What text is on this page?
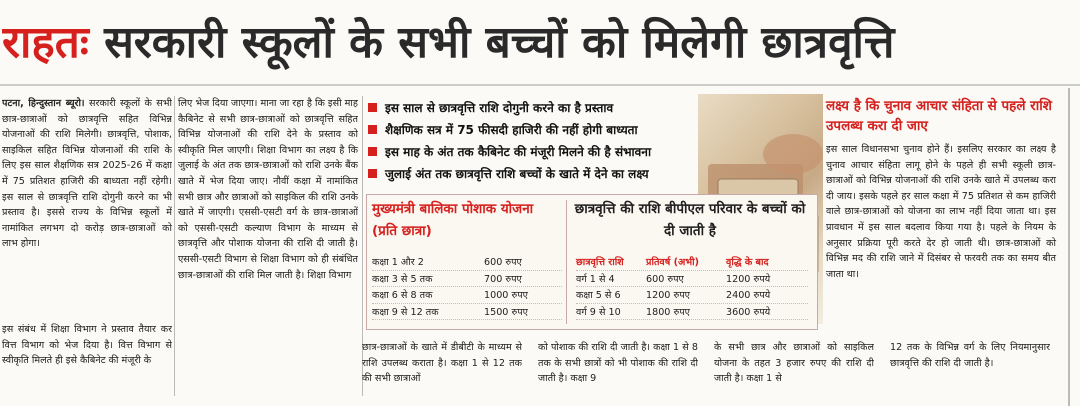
राहतः सरकारी स्कूलों के सभी बच्चों को मिलेगी छात्रवृत्ति

पटना, हिन्दुस्तान ब्यूरो। सरकारी स्कूलों के सभी छात्र-छात्राओं को छात्रवृत्ति सहित विभिन्न योजनाओं की राशि मिलेगी। छात्रवृत्ति, पोशाक, साइकिल सहित विभिन्न योजनाओं की राशि के लिए इस साल शैक्षणिक सत्र 2025-26 में कक्षा में 75 प्रतिशत हाजिरी की बाध्यता नहीं रहेगी। इस साल से छात्रवृत्ति राशि दोगुनी करने का भी प्रस्ताव है। इससे राज्य के विभिन्न स्कूलों में नामांकित लगभग दो करोड़ छात्र-छात्राओं को लाभ होगा।

इस संबंध में शिक्षा विभाग ने प्रस्ताव तैयार कर वित्त विभाग को भेज दिया है। वित्त विभाग से स्वीकृति मिलते ही इसे कैबिनेट की मंजूरी के

लिए भेज दिया जाएगा। माना जा रहा है कि इसी माह कैबिनेट से सभी छात्र-छात्राओं को छात्रवृत्ति सहित विभिन्न योजनाओं की राशि देने के प्रस्ताव को स्वीकृति मिल जाएगी। शिक्षा विभाग का लक्ष्य है कि जुलाई के अंत तक छात्र-छात्राओं को राशि उनके बैंक खाते में भेज दिया जाए। नौवीं कक्षा में नामांकित सभी छात्र और छात्राओं को साइकिल की राशि उनके खाते में जाएगी। एससी-एसटी वर्ग के छात्र-छात्राओं को एससी-एसटी कल्याण विभाग के माध्यम से छात्रवृत्ति और पोशाक योजना की राशि दी जाती है। एससी-एसटी विभाग से शिक्षा विभाग को ही संबंधित छात्र-छात्राओं की राशि मिल जाती है। शिक्षा विभाग

इस साल से छात्रवृत्ति राशि दोगुनी करने का है प्रस्ताव
शैक्षणिक सत्र में 75 फीसदी हाजिरी की नहीं होगी बाध्यता
इस माह के अंत तक कैबिनेट की मंजूरी मिलने की है संभावना
जुलाई अंत तक छात्रवृत्ति राशि बच्चों के खाते में देने का लक्ष्य
लक्ष्य है कि चुनाव आचार संहिता से पहले राशि उपलब्ध करा दी जाए
इस साल विधानसभा चुनाव होने हैं। इसलिए सरकार का लक्ष्य है चुनाव आचार संहिता लागू होने के पहले ही सभी स्कूली छात्र-छात्राओं को विभिन्न योजनाओं की राशि उनके खाते में उपलब्ध करा दी जाय। इसके पहले हर साल कक्षा में 75 प्रतिशत से कम हाजिरी वाले छात्र-छात्राओं को योजना का लाभ नहीं दिया जाता था। इस प्रावधान में इस साल बदलाव किया गया है। पहले के नियम के अनुसार प्रक्रिया पूरी करते देर हो जाती थी। छात्र-छात्राओं को विभिन्न मद की राशि जाने में दिसंबर से फरवरी तक का समय बीत जाता था।
मुख्यमंत्री बालिका पोशाक योजना (प्रति छात्रा)
कक्षा 1 और 2	600 रुपए
कक्षा 3 से 5 तक	700 रुपए
कक्षा 6 से 8 तक	1000 रुपए
कक्षा 9 से 12 तक	1500 रुपए
छात्रवृत्ति की राशि बीपीएल परिवार के बच्चों को दी जाती है
छात्रवृत्ति राशि	प्रतिवर्ष (अभी)	वृद्धि के बाद
वर्ग 1 से 4	600 रुपए	1200 रुपये
कक्षा 5 से 6	1200 रुपए	2400 रुपये
वर्ग 9 से 10	1800 रुपए	3600 रुपये
छात्र-छात्राओं के खाते में डीबीटी के माध्यम से राशि उपलब्ध कराता है। कक्षा 1 से 12 तक की सभी छात्राओं
को पोशाक की राशि दी जाती है। कक्षा 1 से 8 तक के सभी छात्रों को भी पोशाक की राशि दी जाती है। कक्षा 9
के सभी छात्र और छात्राओं को साइकिल योजना के तहत 3 हजार रुपए की राशि दी जाती है। कक्षा 1 से
12 तक के विभिन्न वर्ग के लिए नियमानुसार छात्रवृत्ति की राशि दी जाती है।
